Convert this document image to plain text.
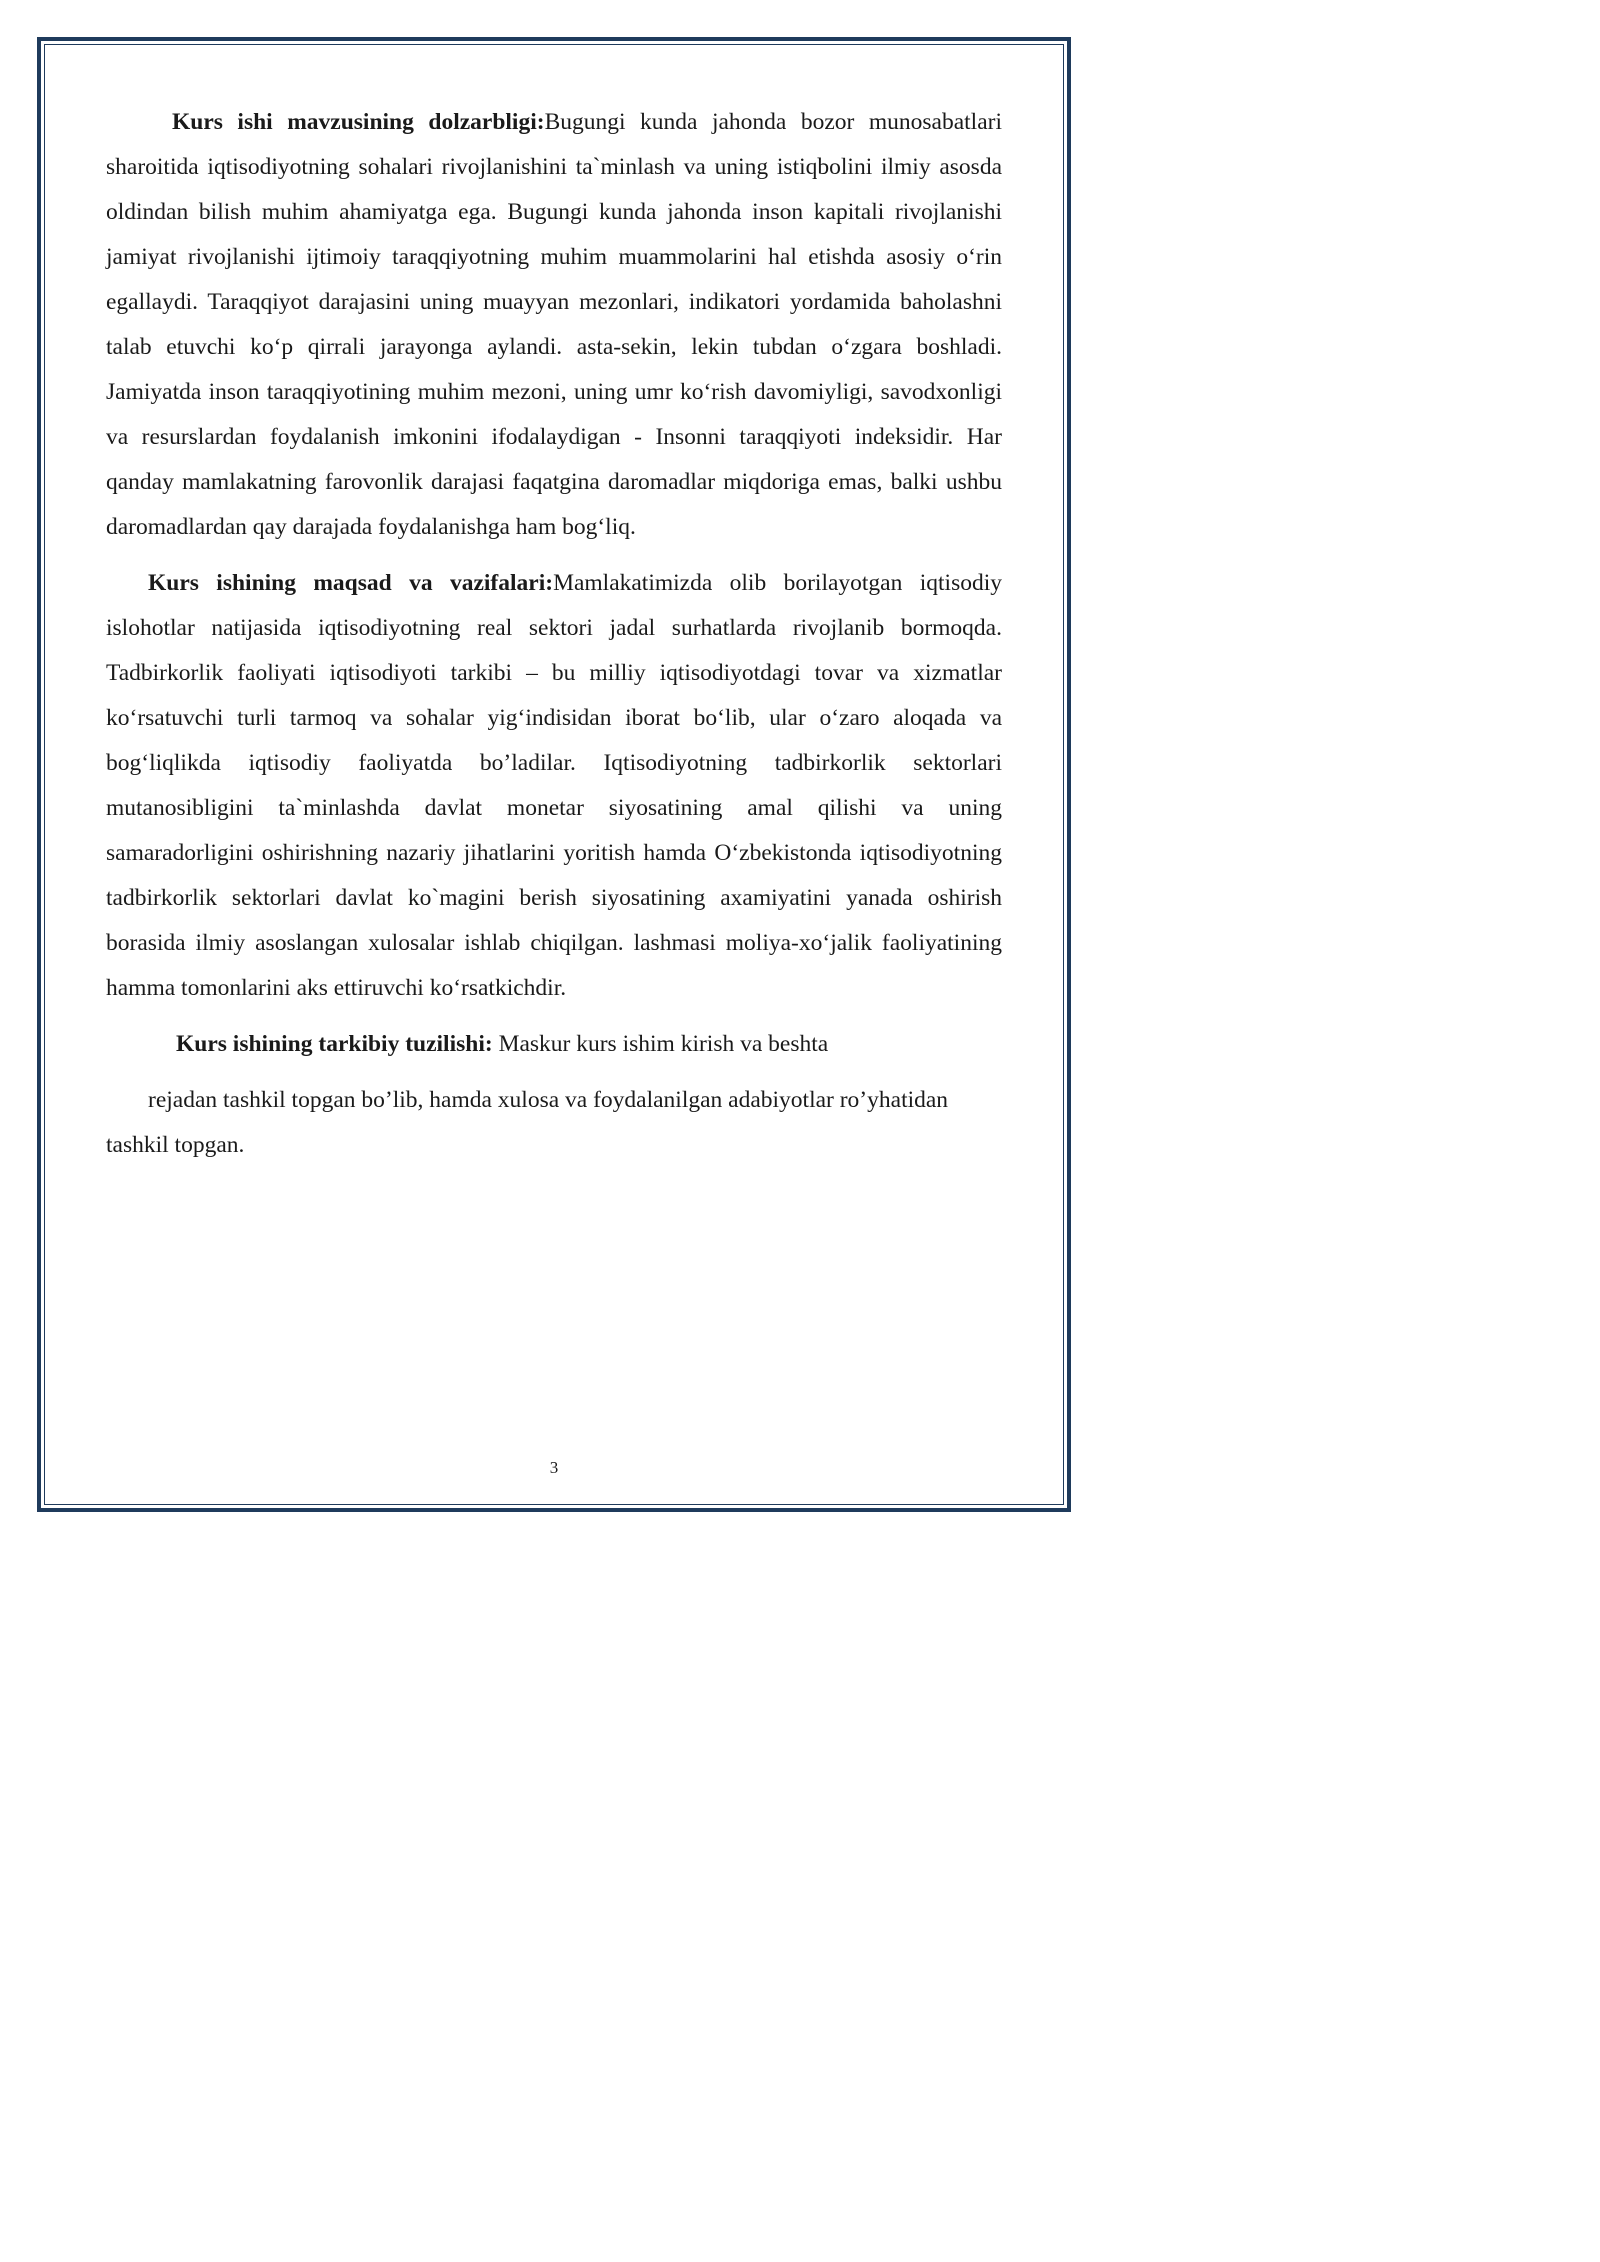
Kurs ishi mavzusining dolzarbligi:Bugungi kunda jahonda bozor munosabatlari sharoitida iqtisodiyotning sohalari rivojlanishini ta`minlash va uning istiqbolini ilmiy asosda oldindan bilish muhim ahamiyatga ega. Bugungi kunda jahonda inson kapitali rivojlanishi jamiyat rivojlanishi ijtimoiy taraqqiyotning muhim muammolarini hal etishda asosiy o‘rin egallaydi. Taraqqiyot darajasini uning muayyan mezonlari, indikatori yordamida baholashni talab etuvchi ko‘p qirrali jarayonga aylandi. asta-sekin, lekin tubdan o‘zgara boshladi. Jamiyatda inson taraqqiyotining muhim mezoni, uning umr ko‘rish davomiyligi, savodxonligi va resurslardan foydalanish imkonini ifodalaydigan - Insonni taraqqiyoti indeksidir. Har qanday mamlakatning farovonlik darajasi faqatgina daromadlar miqdoriga emas, balki ushbu daromadlardan qay darajada foydalanishga ham bog‘liq.

Kurs ishining maqsad va vazifalari:Mamlakatimizda olib borilayotgan iqtisodiy islohotlar natijasida iqtisodiyotning real sektori jadal surhatlarda rivojlanib bormoqda. Tadbirkorlik faoliyati iqtisodiyoti tarkibi – bu milliy iqtisodiyotdagi tovar va xizmatlar ko‘rsatuvchi turli tarmoq va sohalar yig‘indisidan iborat bo‘lib, ular o‘zaro aloqada va bog‘liqlikda iqtisodiy faoliyatda bo’ladilar. Iqtisodiyotning tadbirkorlik sektorlari mutanosibligini ta`minlashda davlat monetar siyosatining amal qilishi va uning samaradorligini oshirishning nazariy jihatlarini yoritish hamda O‘zbekistonda iqtisodiyotning tadbirkorlik sektorlari davlat ko`magini berish siyosatining axamiyatini yanada oshirish borasida ilmiy asoslangan xulosalar ishlab chiqilgan. lashmasi moliya-xo‘jalik faoliyatining hamma tomonlarini aks ettiruvchi ko‘rsatkichdir.

Kurs ishining tarkibiy tuzilishi: Maskur kurs ishim kirish va beshta

rejadan tashkil topgan bo’lib, hamda xulosa va foydalanilgan adabiyotlar ro’yhatidan tashkil topgan.

3
